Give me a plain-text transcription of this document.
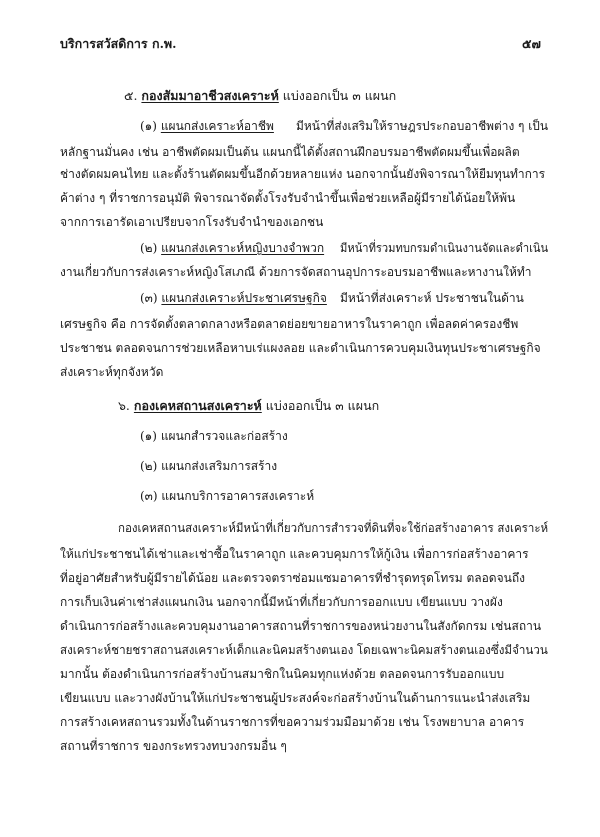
บริการสวัสดิการ ก.พ.	๕๗
๕. กองสัมมาอาชีวสงเคราะห์ แบ่งออกเป็น ๓ แผนก
(๑) แผนกส่งเคราะห์อาชีพ มีหน้าที่ส่งเสริมให้ราษฎรประกอบอาชีพต่าง ๆ เป็น
หลักฐานมั่นคง เช่น อาชีพตัดผมเป็นต้น แผนกนี้ได้ตั้งสถานฝึกอบรมอาชีพตัดผมขึ้นเพื่อผลิต
ช่างตัดผมคนไทย และตั้งร้านตัดผมขึ้นอีกด้วยหลายแห่ง นอกจากนั้นยังพิจารณาให้ยืมทุนทำการ
ค้าต่าง ๆ ที่ราชการอนุมัติ พิจารณาจัดตั้งโรงรับจำนำขึ้นเพื่อช่วยเหลือผู้มีรายได้น้อยให้พ้น
จากการเอารัดเอาเปรียบจากโรงรับจำนำของเอกชน
(๒) แผนกส่งเคราะห์หญิงบางจำพวก มีหน้าที่รวมทบกรมดำเนินงานจัดและดำเนิน
งานเกี่ยวกับการส่งเคราะห์หญิงโสเภณี ด้วยการจัดสถานอุปการะอบรมอาชีพและหางานให้ทำ
(๓) แผนกส่งเคราะห์ประชาเศรษฐกิจ มีหน้าที่ส่งเคราะห์ ประชาชนในด้าน
เศรษฐกิจ คือ การจัดตั้งตลาดกลางหรือตลาดย่อยขายอาหารในราคาถูก เพื่อลดค่าครองชีพ
ประชาชน ตลอดจนการช่วยเหลือหาบเร่แผงลอย และดำเนินการควบคุมเงินทุนประชาเศรษฐกิจ
ส่งเคราะห์ทุกจังหวัด
๖. กองเคหสถานสงเคราะห์ แบ่งออกเป็น ๓ แผนก
(๑) แผนกสำรวจและก่อสร้าง
(๒) แผนกส่งเสริมการสร้าง
(๓) แผนกบริการอาคารสงเคราะห์
กองเคหสถานสงเคราะห์มีหน้าที่เกี่ยวกับการสำรวจที่ดินที่จะใช้ก่อสร้างอาคาร สงเคราะห์
ให้แก่ประชาชนได้เช่าและเช่าซื้อในราคาถูก และควบคุมการให้กู้เงิน เพื่อการก่อสร้างอาคาร
ที่อยู่อาศัยสำหรับผู้มีรายได้น้อย และตรวจตราซ่อมแซมอาคารที่ชำรุดทรุดโทรม ตลอดจนถึง
การเก็บเงินค่าเช่าส่งแผนกเงิน นอกจากนี้มีหน้าที่เกี่ยวกับการออกแบบ เขียนแบบ วางผัง
ดำเนินการก่อสร้างและควบคุมงานอาคารสถานที่ราชการของหน่วยงานในสังกัดกรม เช่นสถาน
สงเคราะห์ชายชราสถานสงเคราะห์เด็กและนิคมสร้างตนเอง โดยเฉพาะนิคมสร้างตนเองซึ่งมีจำนวน
มากนั้น ต้องดำเนินการก่อสร้างบ้านสมาชิกในนิคมทุกแห่งด้วย ตลอดจนการรับออกแบบ
เขียนแบบ และวางผังบ้านให้แก่ประชาชนผู้ประสงค์จะก่อสร้างบ้านในด้านการแนะนำส่งเสริม
การสร้างเคหสถานรวมทั้งในด้านราชการที่ขอความร่วมมือมาด้วย เช่น โรงพยาบาล อาคาร
สถานที่ราชการ ของกระทรวงทบวงกรมอื่น ๆ
